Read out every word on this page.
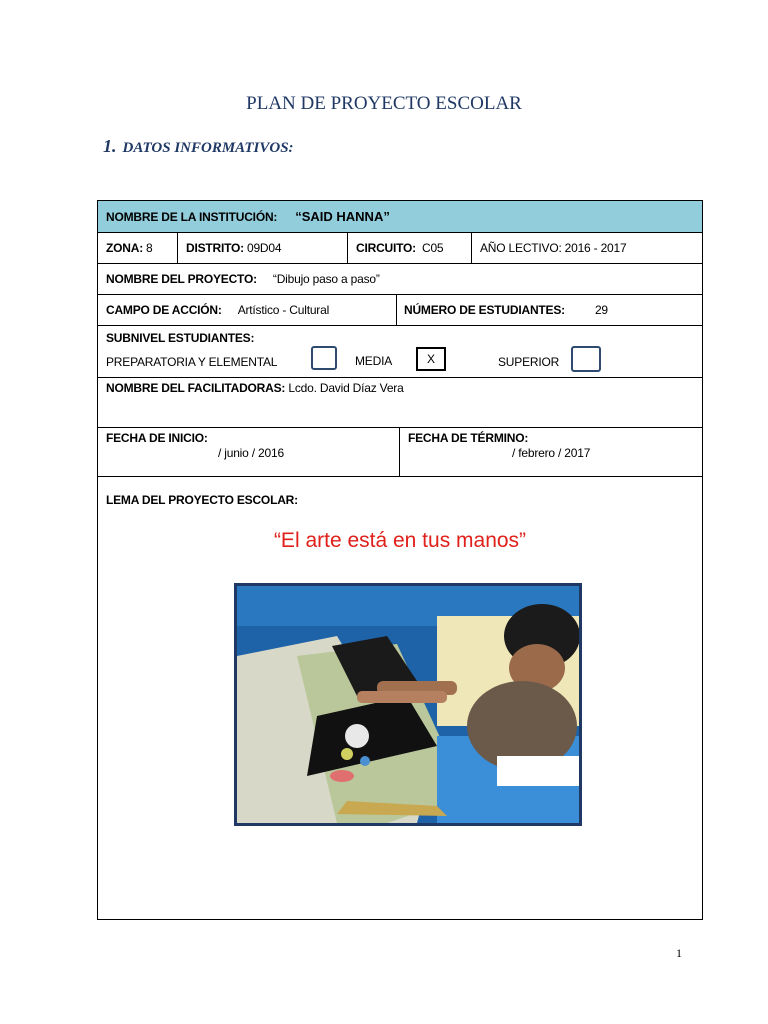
PLAN DE PROYECTO ESCOLAR
1. DATOS INFORMATIVOS:
NOMBRE DE LA INSTITUCIÓN: “SAID HANNA”
ZONA: 8	DISTRITO: 09D04	CIRCUITO: C05	AÑO LECTIVO: 2016 - 2017
NOMBRE DEL PROYECTO: “Dibujo paso a paso”
CAMPO DE ACCIÓN: Artístico - Cultural	NÚMERO DE ESTUDIANTES:	29
SUBNIVEL ESTUDIANTES:
PREPARATORIA Y ELEMENTAL	MEDIA	X	SUPERIOR
NOMBRE DEL FACILITADORAS: Lcdo. David Díaz Vera
FECHA DE INICIO:
/ junio / 2016
FECHA DE TÉRMINO:
/ febrero / 2017
LEMA DEL PROYECTO ESCOLAR:
“El arte está en tus manos”
1
